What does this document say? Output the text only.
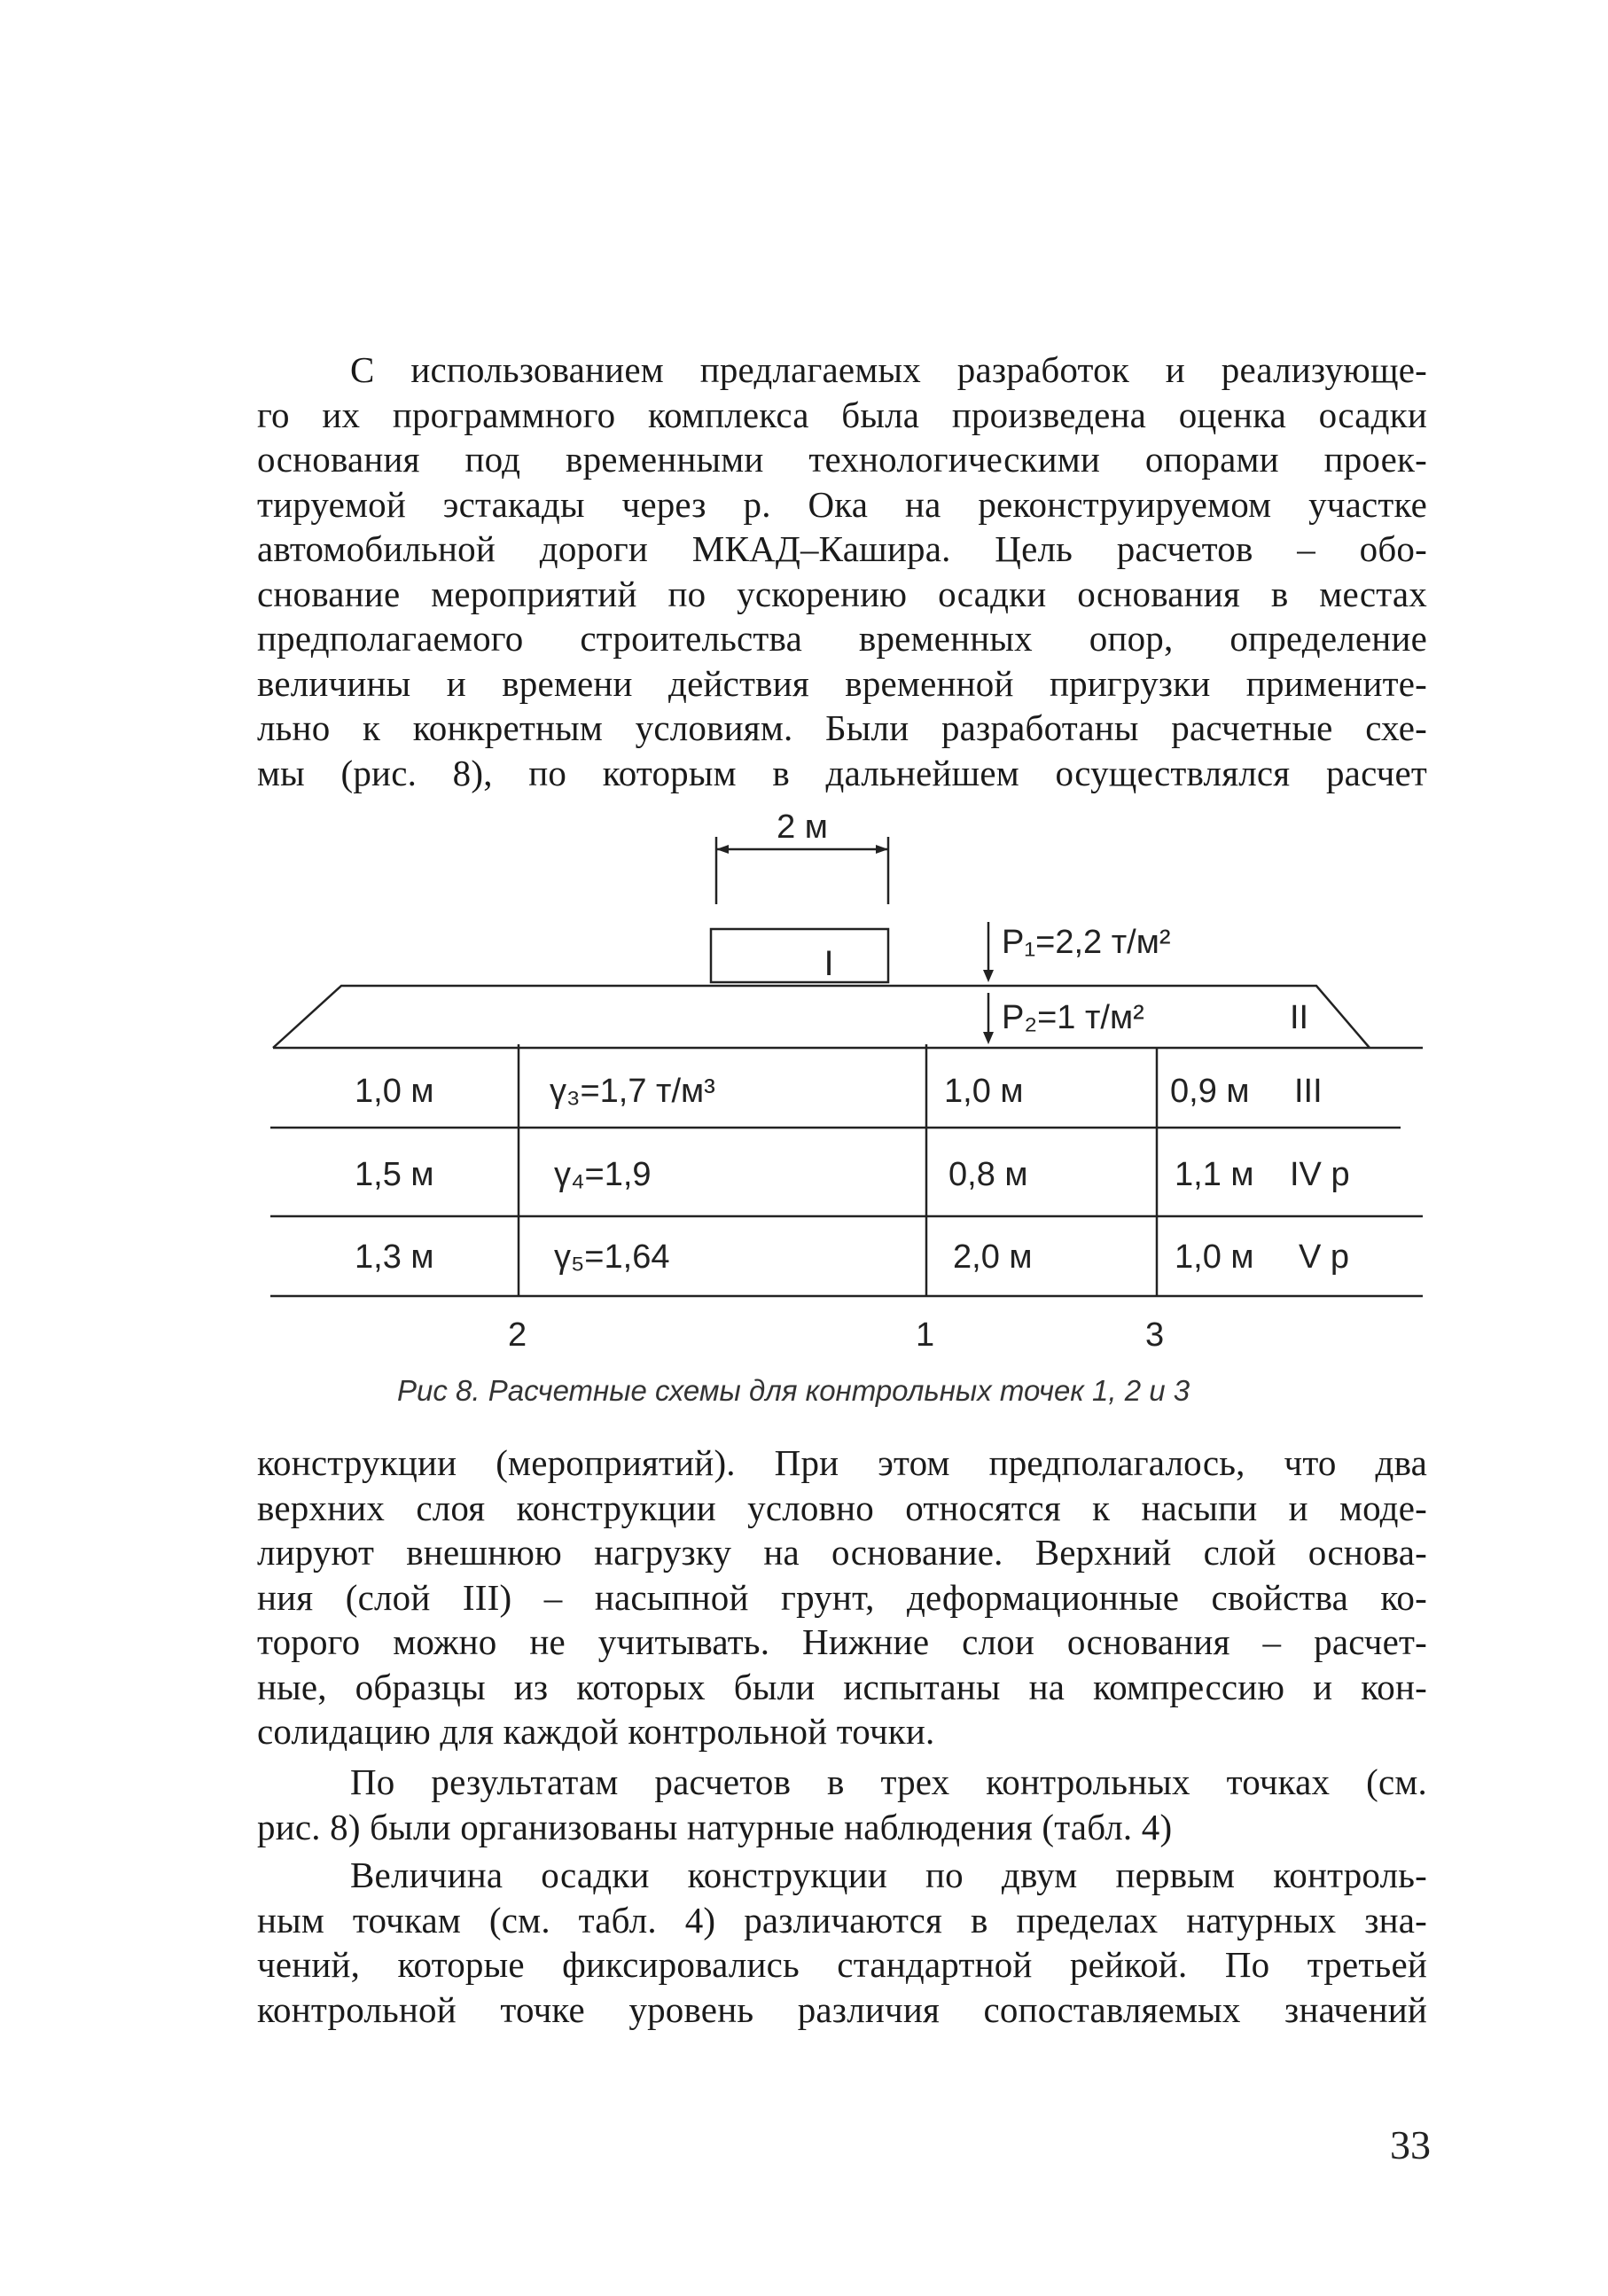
С использованием предлагаемых разработок и реализующе-
го их программного комплекса была произведена оценка осадки
основания под временными технологическими опорами проек-
тируемой эстакады через р. Ока на реконструируемом участке
автомобильной дороги МКАД–Кашира. Цель расчетов – обо-
снование мероприятий по ускорению осадки основания в местах
предполагаемого строительства временных опор, определение
величины и времени действия временной пригрузки примените-
льно к конкретным условиям. Были разработаны расчетные схе-
мы (рис. 8), по которым в дальнейшем осуществлялся расчет
2 м
I
P₁=2,2 т/м²
P₂=1 т/м²	II
1,0 м	γ₃=1,7 т/м³	1,0 м	0,9 м III
1,5 м	γ₄=1,9	0,8 м	1,1 м IV р
1,3 м	γ₅=1,64	2,0 м	1,0 м V р
2	1	3
Рис 8. Расчетные схемы для контрольных точек 1, 2 и 3
конструкции (мероприятий). При этом предполагалось, что два
верхних слоя конструкции условно относятся к насыпи и моде-
лируют внешнюю нагрузку на основание. Верхний слой основа-
ния (слой III) – насыпной грунт, деформационные свойства ко-
торого можно не учитывать. Нижние слои основания – расчет-
ные, образцы из которых были испытаны на компрессию и кон-
солидацию для каждой контрольной точки.
По результатам расчетов в трех контрольных точках (см.
рис. 8) были организованы натурные наблюдения (табл. 4)
Величина осадки конструкции по двум первым контроль-
ным точкам (см. табл. 4) различаются в пределах натурных зна-
чений, которые фиксировались стандартной рейкой. По третьей
контрольной точке уровень различия сопоставляемых значений
33
